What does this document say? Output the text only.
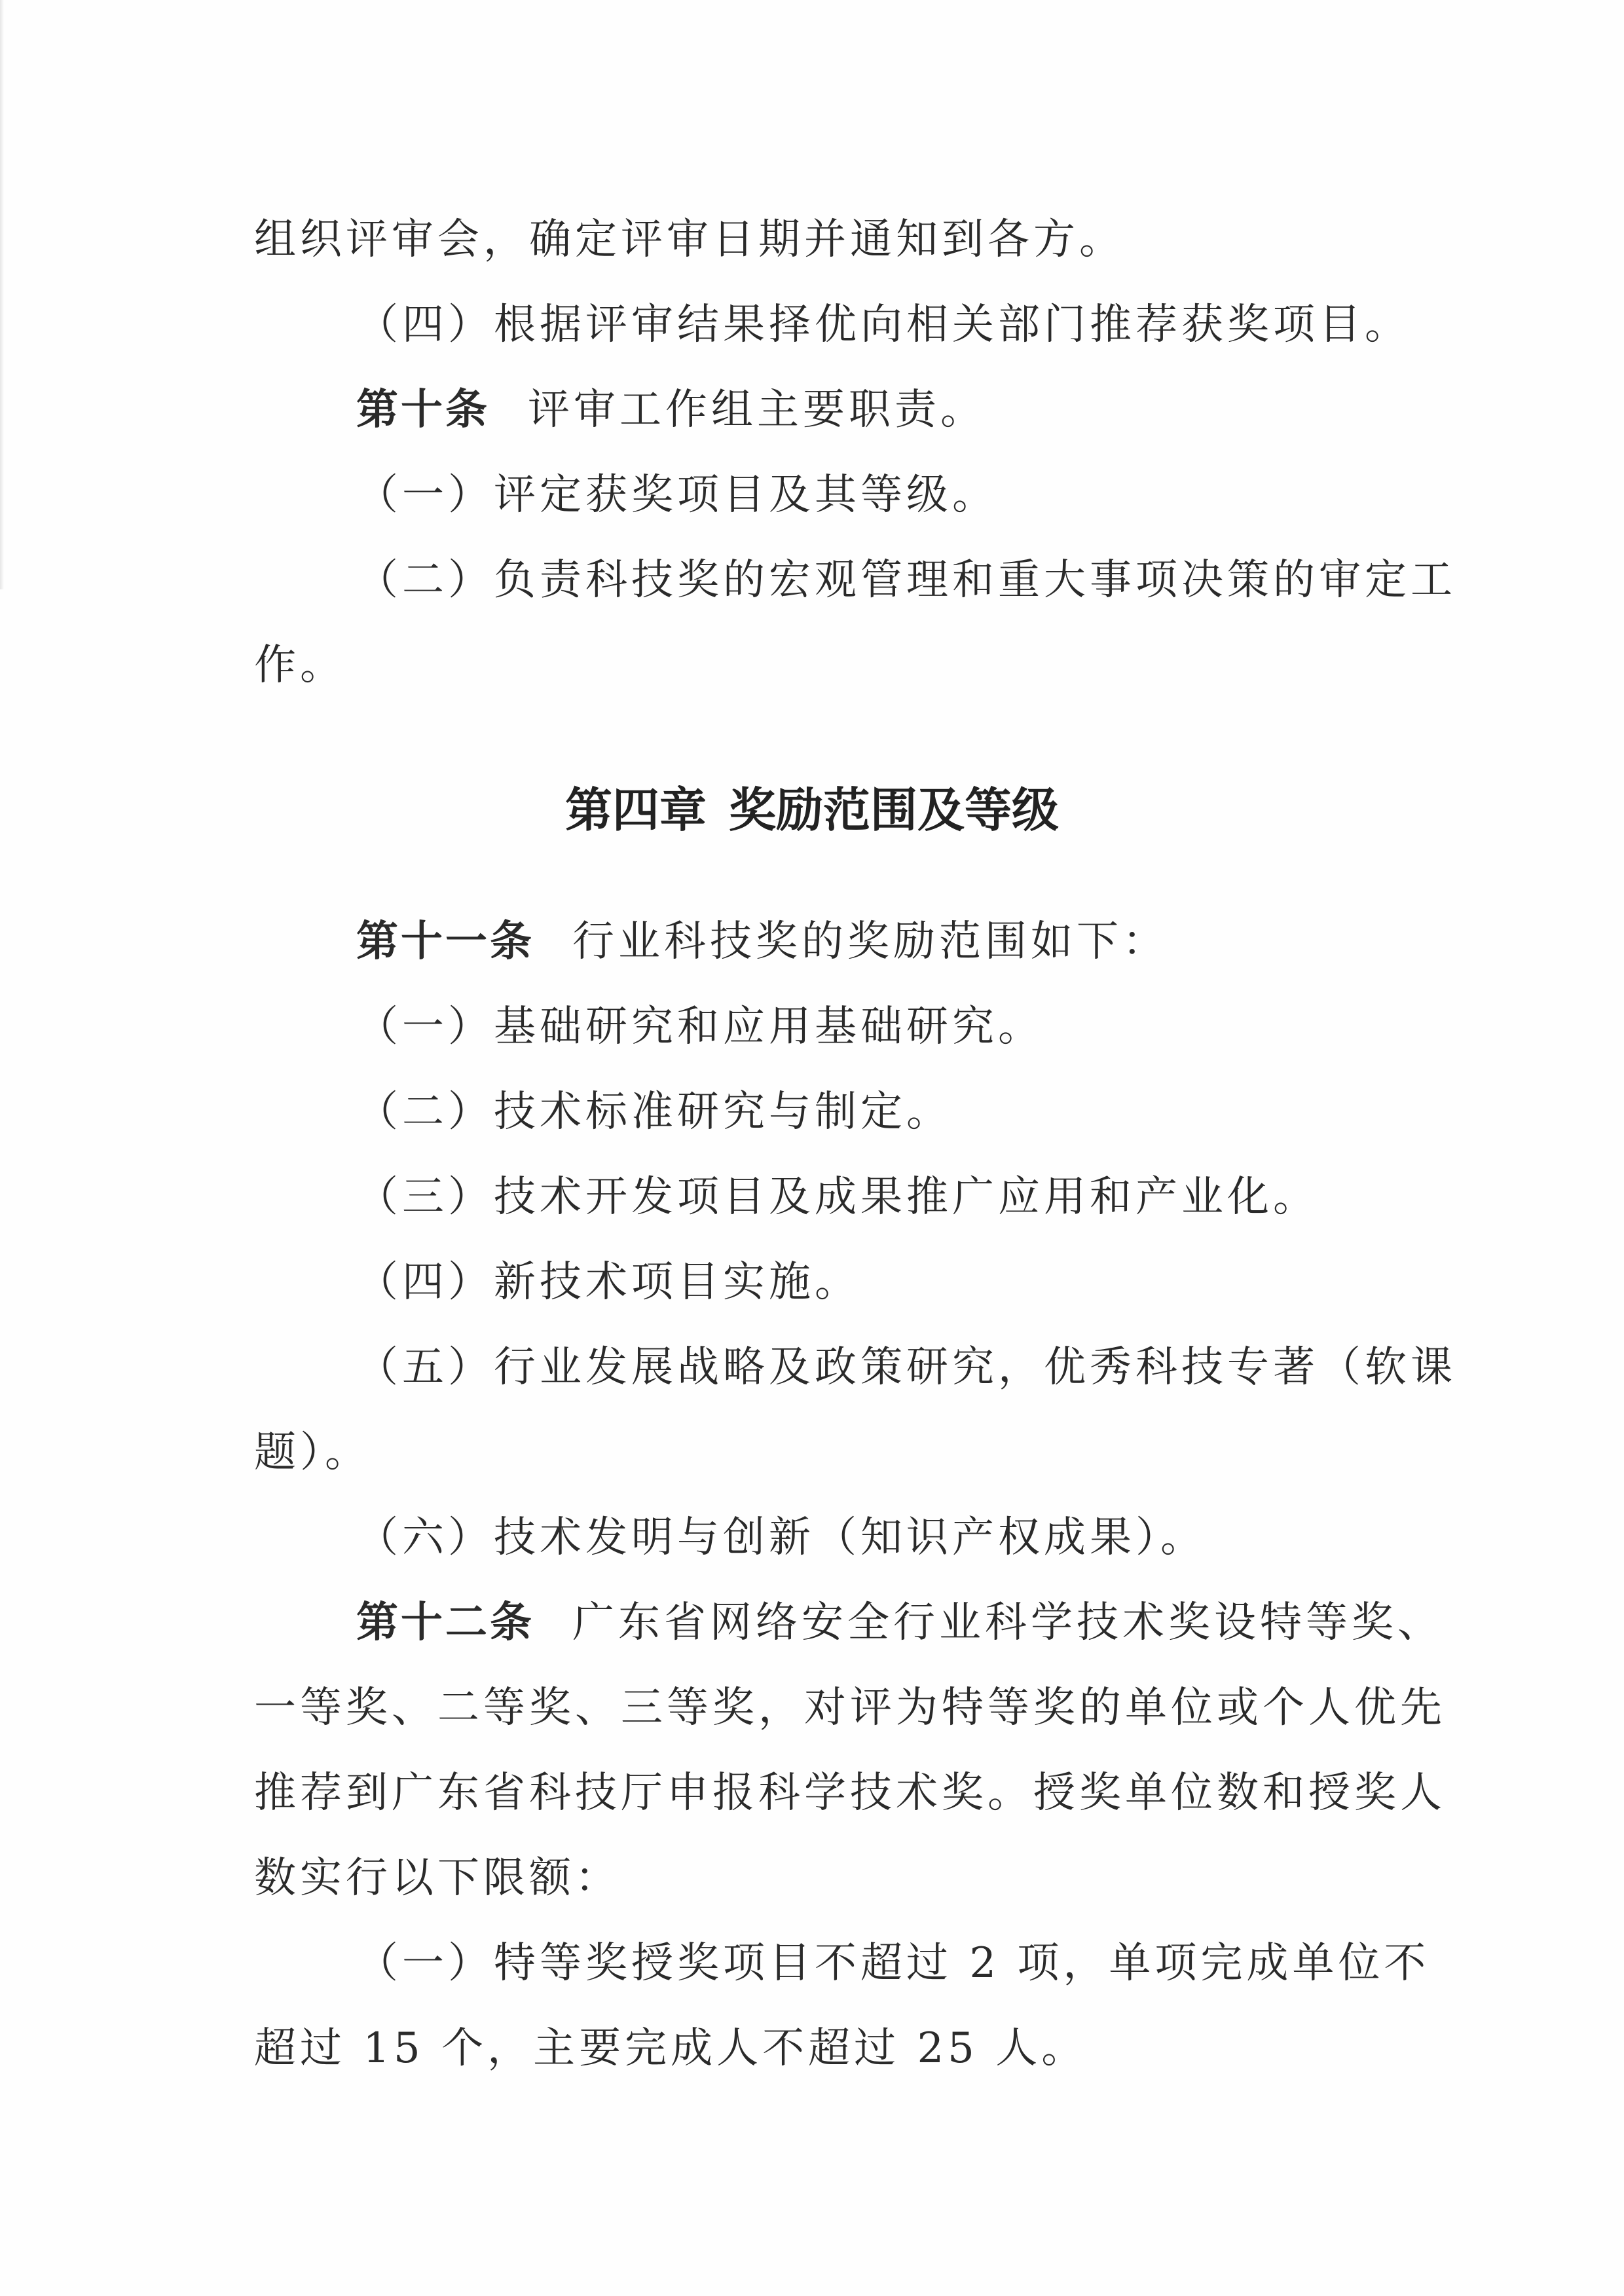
组织评审会，确定评审日期并通知到各方。
（四）根据评审结果择优向相关部门推荐获奖项目。
第十条 评审工作组主要职责。
（一）评定获奖项目及其等级。
（二）负责科技奖的宏观管理和重大事项决策的审定工
作。
第四章 奖励范围及等级
第十一条 行业科技奖的奖励范围如下：
（一）基础研究和应用基础研究。
（二）技术标准研究与制定。
（三）技术开发项目及成果推广应用和产业化。
（四）新技术项目实施。
（五）行业发展战略及政策研究，优秀科技专著（软课
题）。
（六）技术发明与创新（知识产权成果）。
第十二条 广东省网络安全行业科学技术奖设特等奖、
一等奖、二等奖、三等奖，对评为特等奖的单位或个人优先
推荐到广东省科技厅申报科学技术奖。授奖单位数和授奖人
数实行以下限额：
（一）特等奖授奖项目不超过 2 项，单项完成单位不
超过 15 个，主要完成人不超过 25 人。
